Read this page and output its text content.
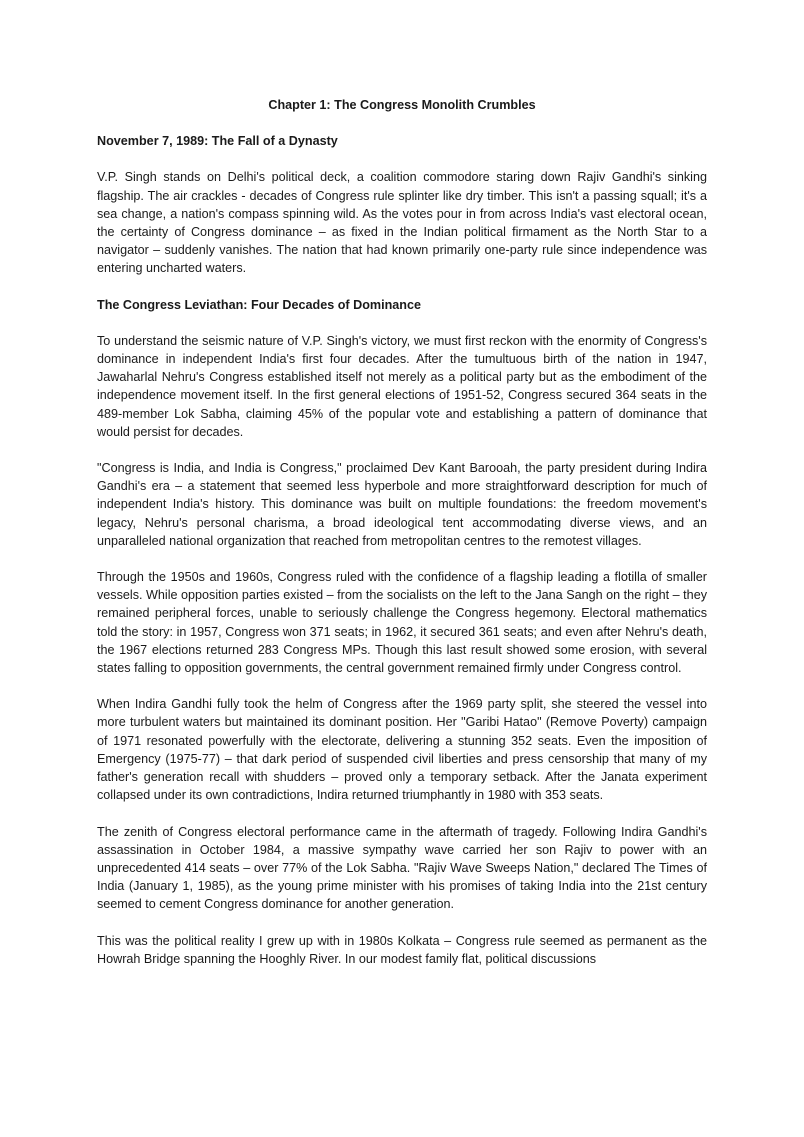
Chapter 1: The Congress Monolith Crumbles
November 7, 1989: The Fall of a Dynasty

V.P. Singh stands on Delhi's political deck, a coalition commodore staring down Rajiv Gandhi's sinking flagship. The air crackles - decades of Congress rule splinter like dry timber. This isn't a passing squall; it's a sea change, a nation's compass spinning wild. As the votes pour in from across India's vast electoral ocean, the certainty of Congress dominance – as fixed in the Indian political firmament as the North Star to a navigator – suddenly vanishes. The nation that had known primarily one-party rule since independence was entering uncharted waters.

The Congress Leviathan: Four Decades of Dominance

To understand the seismic nature of V.P. Singh's victory, we must first reckon with the enormity of Congress's dominance in independent India's first four decades. After the tumultuous birth of the nation in 1947, Jawaharlal Nehru's Congress established itself not merely as a political party but as the embodiment of the independence movement itself. In the first general elections of 1951-52, Congress secured 364 seats in the 489-member Lok Sabha, claiming 45% of the popular vote and establishing a pattern of dominance that would persist for decades.

"Congress is India, and India is Congress," proclaimed Dev Kant Barooah, the party president during Indira Gandhi's era – a statement that seemed less hyperbole and more straightforward description for much of independent India's history. This dominance was built on multiple foundations: the freedom movement's legacy, Nehru's personal charisma, a broad ideological tent accommodating diverse views, and an unparalleled national organization that reached from metropolitan centres to the remotest villages.

Through the 1950s and 1960s, Congress ruled with the confidence of a flagship leading a flotilla of smaller vessels. While opposition parties existed – from the socialists on the left to the Jana Sangh on the right – they remained peripheral forces, unable to seriously challenge the Congress hegemony. Electoral mathematics told the story: in 1957, Congress won 371 seats; in 1962, it secured 361 seats; and even after Nehru's death, the 1967 elections returned 283 Congress MPs. Though this last result showed some erosion, with several states falling to opposition governments, the central government remained firmly under Congress control.

When Indira Gandhi fully took the helm of Congress after the 1969 party split, she steered the vessel into more turbulent waters but maintained its dominant position. Her "Garibi Hatao" (Remove Poverty) campaign of 1971 resonated powerfully with the electorate, delivering a stunning 352 seats. Even the imposition of Emergency (1975-77) – that dark period of suspended civil liberties and press censorship that many of my father's generation recall with shudders – proved only a temporary setback. After the Janata experiment collapsed under its own contradictions, Indira returned triumphantly in 1980 with 353 seats.

The zenith of Congress electoral performance came in the aftermath of tragedy. Following Indira Gandhi's assassination in October 1984, a massive sympathy wave carried her son Rajiv to power with an unprecedented 414 seats – over 77% of the Lok Sabha. "Rajiv Wave Sweeps Nation," declared The Times of India (January 1, 1985), as the young prime minister with his promises of taking India into the 21st century seemed to cement Congress dominance for another generation.

This was the political reality I grew up with in 1980s Kolkata – Congress rule seemed as permanent as the Howrah Bridge spanning the Hooghly River. In our modest family flat, political discussions
